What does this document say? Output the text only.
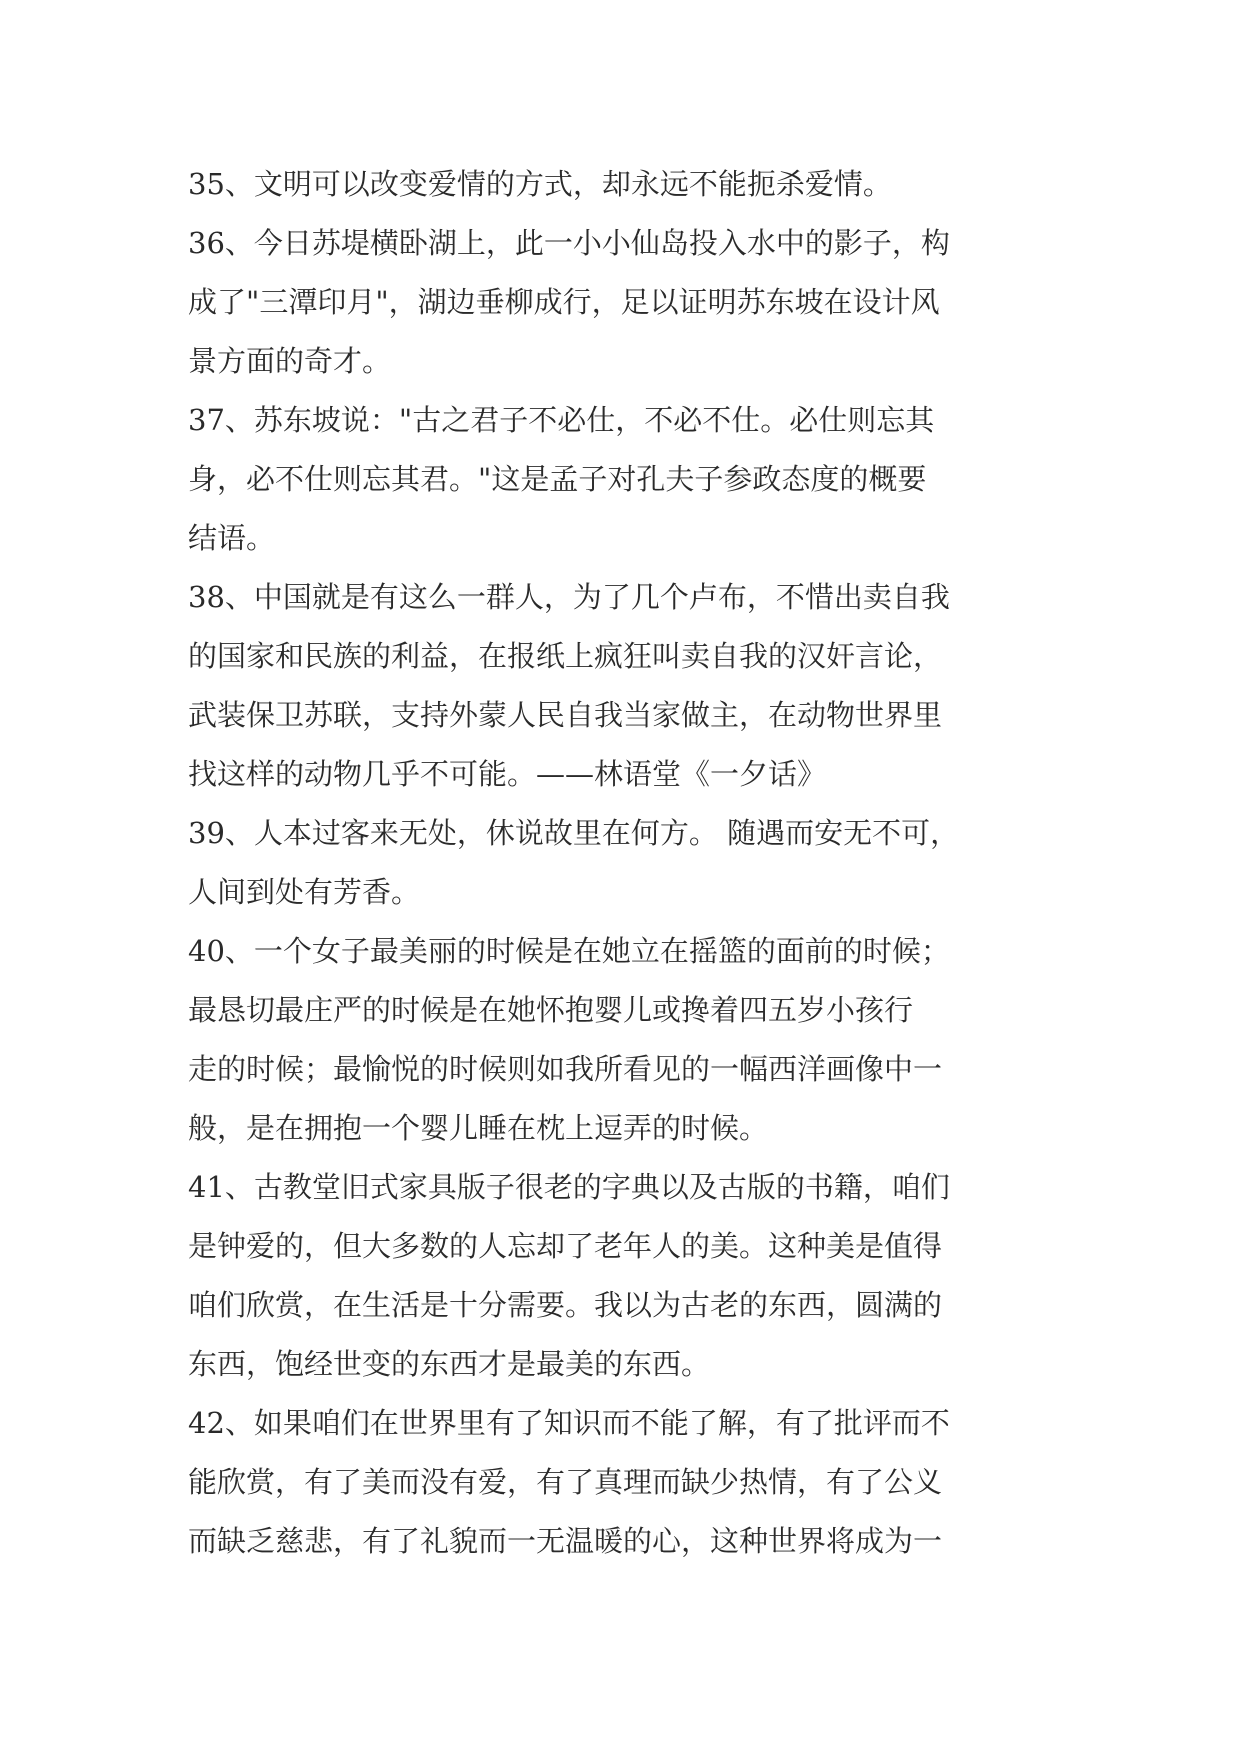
35、文明可以改变爱情的方式，却永远不能扼杀爱情。
36、今日苏堤横卧湖上，此一小小仙岛投入水中的影子，构
成了"三潭印月"，湖边垂柳成行，足以证明苏东坡在设计风
景方面的奇才。
37、苏东坡说："古之君子不必仕，不必不仕。必仕则忘其
身，必不仕则忘其君。"这是孟子对孔夫子参政态度的概要
结语。
38、中国就是有这么一群人，为了几个卢布，不惜出卖自我
的国家和民族的利益，在报纸上疯狂叫卖自我的汉奸言论，
武装保卫苏联，支持外蒙人民自我当家做主，在动物世界里
找这样的动物几乎不可能。——林语堂《一夕话》
39、人本过客来无处，休说故里在何方。 随遇而安无不可，
人间到处有芳香。
40、一个女子最美丽的时候是在她立在摇篮的面前的时候；
最恳切最庄严的时候是在她怀抱婴儿或搀着四五岁小孩行
走的时候；最愉悦的时候则如我所看见的一幅西洋画像中一
般，是在拥抱一个婴儿睡在枕上逗弄的时候。
41、古教堂旧式家具版子很老的字典以及古版的书籍，咱们
是钟爱的，但大多数的人忘却了老年人的美。这种美是值得
咱们欣赏，在生活是十分需要。我以为古老的东西，圆满的
东西，饱经世变的东西才是最美的东西。
42、如果咱们在世界里有了知识而不能了解，有了批评而不
能欣赏，有了美而没有爱，有了真理而缺少热情，有了公义
而缺乏慈悲，有了礼貌而一无温暖的心，这种世界将成为一
